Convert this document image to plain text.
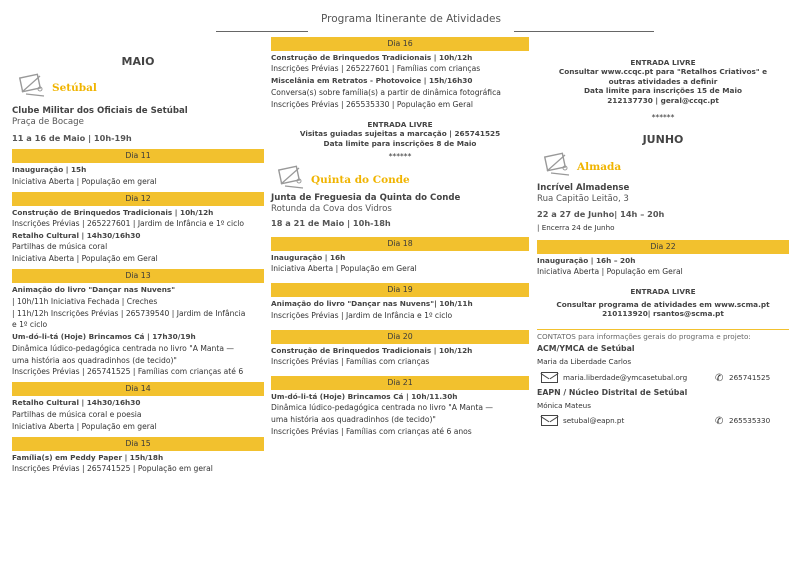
Programa Itinerante de Atividades
MAIO
Setúbal
Clube Militar dos Oficiais de Setúbal
Praça de Bocage
11 a 16 de Maio | 10h-19h
Dia 11
Inauguração | 15h
Iniciativa Aberta | População em geral
Dia 12
Construção de Brinquedos Tradicionais | 10h/12h
Inscrições Prévias | 265227601 | Jardim de Infância e 1º ciclo
Retalho Cultural | 14h30/16h30
Partilhas de música coral
Iniciativa Aberta | População em Geral
Dia 13
Animação do livro "Dançar nas Nuvens"
| 10h/11h Iniciativa Fechada | Creches
| 11h/12h Inscrições Prévias | 265739540 | Jardim de Infância
e 1º ciclo
Um-dó-li-tá (Hoje) Brincamos Cá | 17h30/19h
Dinâmica lúdico-pedagógica centrada no livro "A Manta —
uma história aos quadradinhos (de tecido)"
Inscrições Prévias | 265741525 | Famílias com crianças até 6
Dia 14
Retalho Cultural | 14h30/16h30
Partilhas de música coral e poesia
Iniciativa Aberta | População em geral
Dia 15
Família(s) em Peddy Paper | 15h/18h
Inscrições Prévias | 265741525 | População em geral
Dia 16
Construção de Brinquedos Tradicionais | 10h/12h
Inscrições Prévias | 265227601 | Famílias com crianças
Miscelânia em Retratos - Photovoice | 15h/16h30
Conversa(s) sobre família(s) a partir de dinâmica fotográfica
Inscrições Prévias | 265535330 | População em Geral
ENTRADA LIVRE
Visitas guiadas sujeitas a marcação | 265741525
Data limite para inscrições 8 de Maio
******
Quinta do Conde
Junta de Freguesia da Quinta do Conde
Rotunda da Cova dos Vidros
18 a 21 de Maio | 10h-18h
Dia 18
Inauguração | 16h
Iniciativa Aberta | População em Geral
Dia 19
Animação do livro "Dançar nas Nuvens"| 10h/11h
Inscrições Prévias | Jardim de Infância e 1º ciclo
Dia 20
Construção de Brinquedos Tradicionais | 10h/12h
Inscrições Prévias | Famílias com crianças
Dia 21
Um-dó-li-tá (Hoje) Brincamos Cá | 10h/11.30h
Dinâmica lúdico-pedagógica centrada no livro "A Manta —
uma história aos quadradinhos (de tecido)"
Inscrições Prévias | Famílias com crianças até 6 anos
ENTRADA LIVRE
Consultar www.ccqc.pt para "Retalhos Criativos" e
outras atividades a definir
Data limite para inscrições 15 de Maio
212137730 | geral@ccqc.pt
******
JUNHO
Almada
Incrível Almadense
Rua Capitão Leitão, 3
22 a 27 de Junho| 14h – 20h
| Encerra 24 de Junho
Dia 22
Inauguração | 16h – 20h
Iniciativa Aberta | População em Geral
ENTRADA LIVRE
Consultar programa de atividades em www.scma.pt
210113920| rsantos@scma.pt
CONTATOS para informações gerais do programa e projeto:
ACM/YMCA de Setúbal
Maria da Liberdade Carlos
maria.liberdade@ymcasetubal.org	✆ 265741525
EAPN / Núcleo Distrital de Setúbal
Mónica Mateus
setubal@eapn.pt	✆ 265535330
